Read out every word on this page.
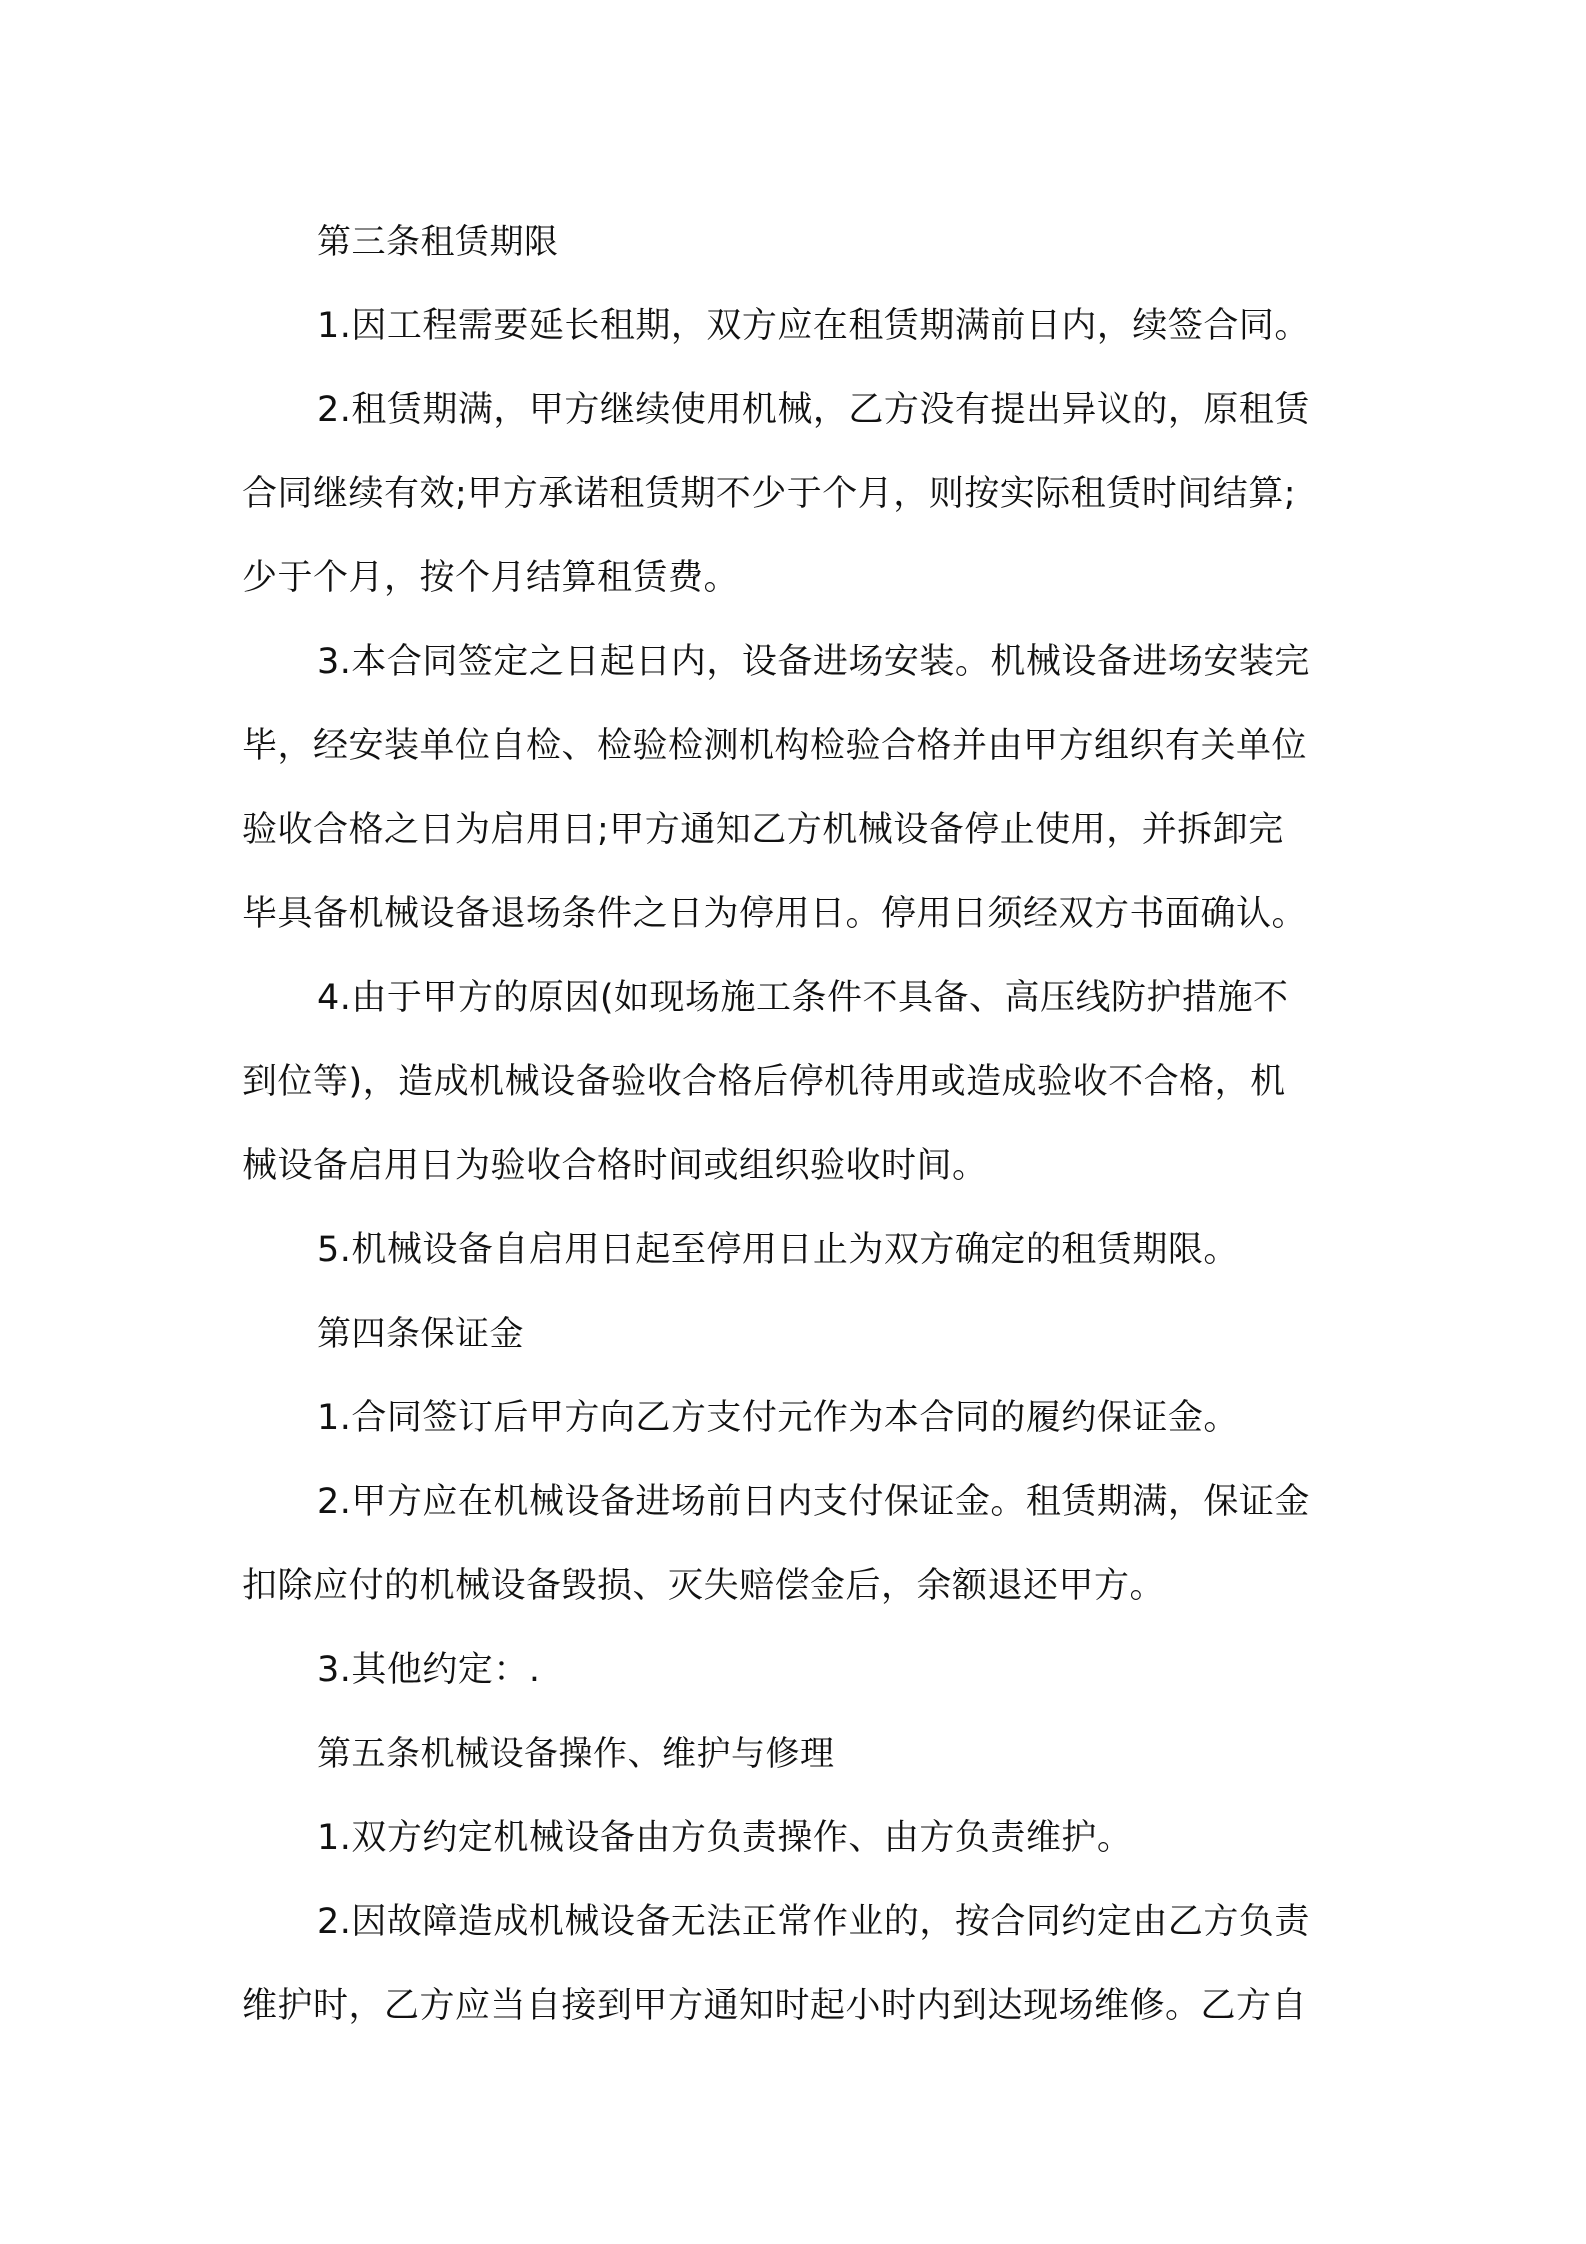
第三条租赁期限
1.因工程需要延长租期，双方应在租赁期满前日内，续签合同。
2.租赁期满，甲方继续使用机械，乙方没有提出异议的，原租赁
合同继续有效;甲方承诺租赁期不少于个月，则按实际租赁时间结算;
少于个月，按个月结算租赁费。
3.本合同签定之日起日内，设备进场安装。机械设备进场安装完
毕，经安装单位自检、检验检测机构检验合格并由甲方组织有关单位
验收合格之日为启用日;甲方通知乙方机械设备停止使用，并拆卸完
毕具备机械设备退场条件之日为停用日。停用日须经双方书面确认。
4.由于甲方的原因(如现场施工条件不具备、高压线防护措施不
到位等)，造成机械设备验收合格后停机待用或造成验收不合格，机
械设备启用日为验收合格时间或组织验收时间。
5.机械设备自启用日起至停用日止为双方确定的租赁期限。
第四条保证金
1.合同签订后甲方向乙方支付元作为本合同的履约保证金。
2.甲方应在机械设备进场前日内支付保证金。租赁期满，保证金
扣除应付的机械设备毁损、灭失赔偿金后，余额退还甲方。
3.其他约定：.
第五条机械设备操作、维护与修理
1.双方约定机械设备由方负责操作、由方负责维护。
2.因故障造成机械设备无法正常作业的，按合同约定由乙方负责
维护时，乙方应当自接到甲方通知时起小时内到达现场维修。乙方自
